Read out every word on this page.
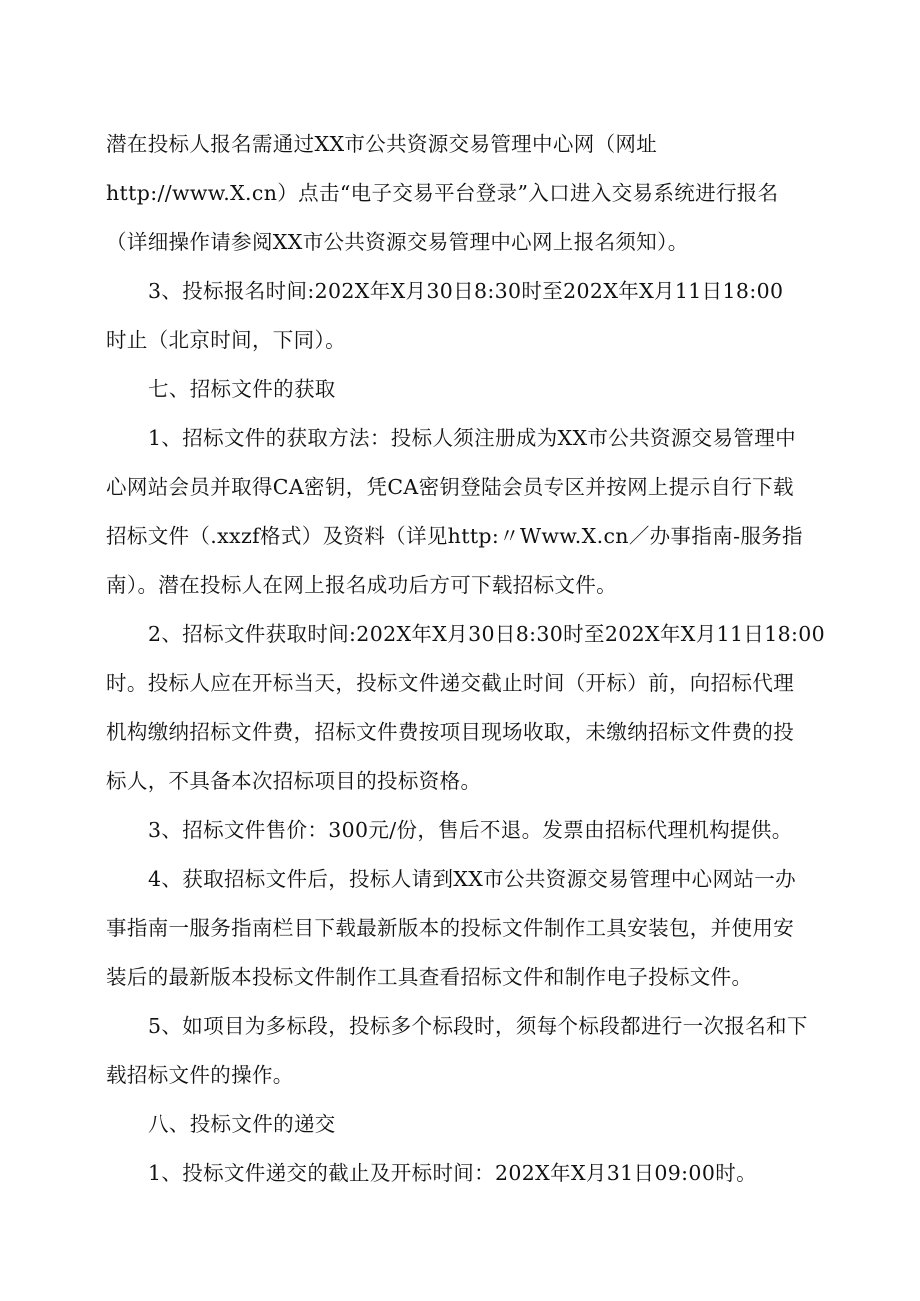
潜在投标人报名需通过XX市公共资源交易管理中心网（网址
http://www.X.cn）点击“电子交易平台登录”入口进入交易系统进行报名
（详细操作请参阅XX市公共资源交易管理中心网上报名须知）。
3、投标报名时间:202X年X月30日8:30时至202X年X月11日18:00
时止（北京时间，下同）。
七、招标文件的获取
1、招标文件的获取方法：投标人须注册成为XX市公共资源交易管理中
心网站会员并取得CA密钥，凭CA密钥登陆会员专区并按网上提示自行下载
招标文件（.xxzf格式）及资料（详见http:〃Www.X.cn／办事指南-服务指
南）。潜在投标人在网上报名成功后方可下载招标文件。
2、招标文件获取时间:202X年X月30日8:30时至202X年X月11日18:00
时。投标人应在开标当天，投标文件递交截止时间（开标）前，向招标代理
机构缴纳招标文件费，招标文件费按项目现场收取，未缴纳招标文件费的投
标人，不具备本次招标项目的投标资格。
3、招标文件售价：300元/份，售后不退。发票由招标代理机构提供。
4、获取招标文件后，投标人请到XX市公共资源交易管理中心网站一办
事指南一服务指南栏目下载最新版本的投标文件制作工具安装包，并使用安
装后的最新版本投标文件制作工具查看招标文件和制作电子投标文件。
5、如项目为多标段，投标多个标段时，须每个标段都进行一次报名和下
载招标文件的操作。
八、投标文件的递交
1、投标文件递交的截止及开标时间：202X年X月31日09:00时。
